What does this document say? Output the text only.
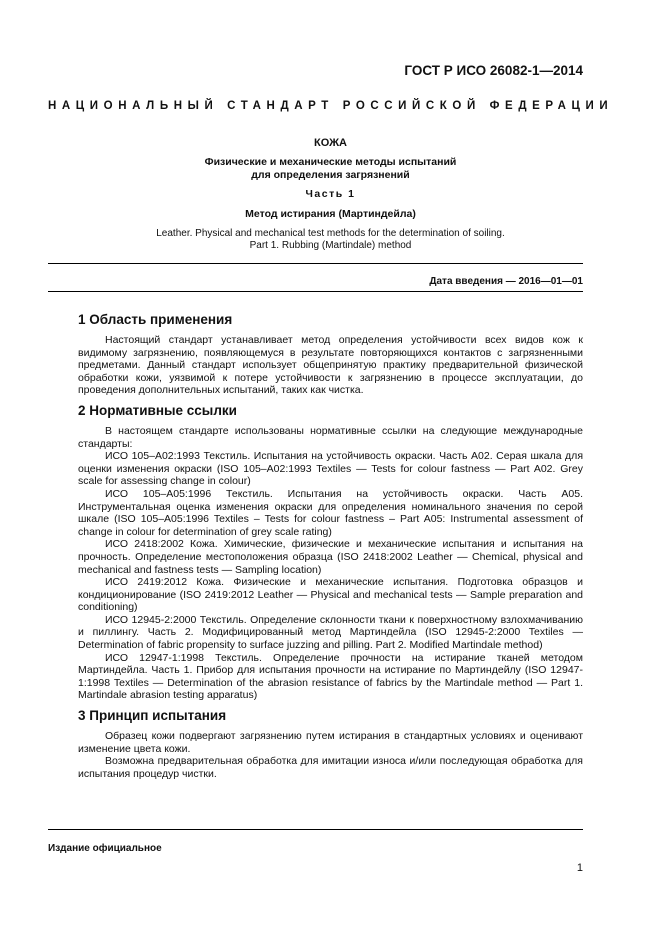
ГОСТ Р ИСО 26082-1—2014
НАЦИОНАЛЬНЫЙ СТАНДАРТ РОССИЙСКОЙ ФЕДЕРАЦИИ
КОЖА
Физические и механические методы испытаний
для определения загрязнений
Часть 1
Метод истирания (Мартиндейла)
Leather. Physical and mechanical test methods for the determination of soiling.
Part 1. Rubbing (Martindale) method
Дата введения — 2016—01—01
1 Область применения

Настоящий стандарт устанавливает метод определения устойчивости всех видов кож к видимому загрязнению, появляющемуся в результате повторяющихся контактов с загрязненными предметами. Данный стандарт использует общепринятую практику предварительной физической обработки кожи, уязвимой к потере устойчивости к загрязнению в процессе эксплуатации, до проведения дополнительных испытаний, таких как чистка.

2 Нормативные ссылки

В настоящем стандарте использованы нормативные ссылки на следующие международные стандарты:

ИСО 105–A02:1993 Текстиль. Испытания на устойчивость окраски. Часть А02. Серая шкала для оценки изменения окраски (ISO 105–A02:1993 Textiles — Tests for colour fastness — Part A02. Grey scale for assessing change in colour)

ИСО 105–A05:1996 Текстиль. Испытания на устойчивость окраски. Часть А05. Инструментальная оценка изменения окраски для определения номинального значения по серой шкале (ISO 105–A05:1996 Textiles – Tests for colour fastness – Part A05: Instrumental assessment of change in colour for determination of grey scale rating)

ИСО 2418:2002 Кожа. Химические, физические и механические испытания и испытания на прочность. Определение местоположения образца (ISO 2418:2002 Leather — Chemical, physical and mechanical and fastness tests — Sampling location)

ИСО 2419:2012 Кожа. Физические и механические испытания. Подготовка образцов и кондиционирование (ISO 2419:2012 Leather — Physical and mechanical tests — Sample preparation and conditioning)

ИСО 12945-2:2000 Текстиль. Определение склонности ткани к поверхностному взлохмачиванию и пиллингу. Часть 2. Модифицированный метод Мартиндейла (ISO 12945-2:2000 Textiles — Determination of fabric propensity to surface juzzing and pilling. Part 2. Modified Martindale method)

ИСО 12947-1:1998 Текстиль. Определение прочности на истирание тканей методом Мартиндейла. Часть 1. Прибор для испытания прочности на истирание по Мартиндейлу (ISO 12947-1:1998 Textiles — Determination of the abrasion resistance of fabrics by the Martindale method — Part 1. Martindale abrasion testing apparatus)

3 Принцип испытания

Образец кожи подвергают загрязнению путем истирания в стандартных условиях и оценивают изменение цвета кожи.

Возможна предварительная обработка для имитации износа и/или последующая обработка для испытания процедур чистки.

Издание официальное
1
